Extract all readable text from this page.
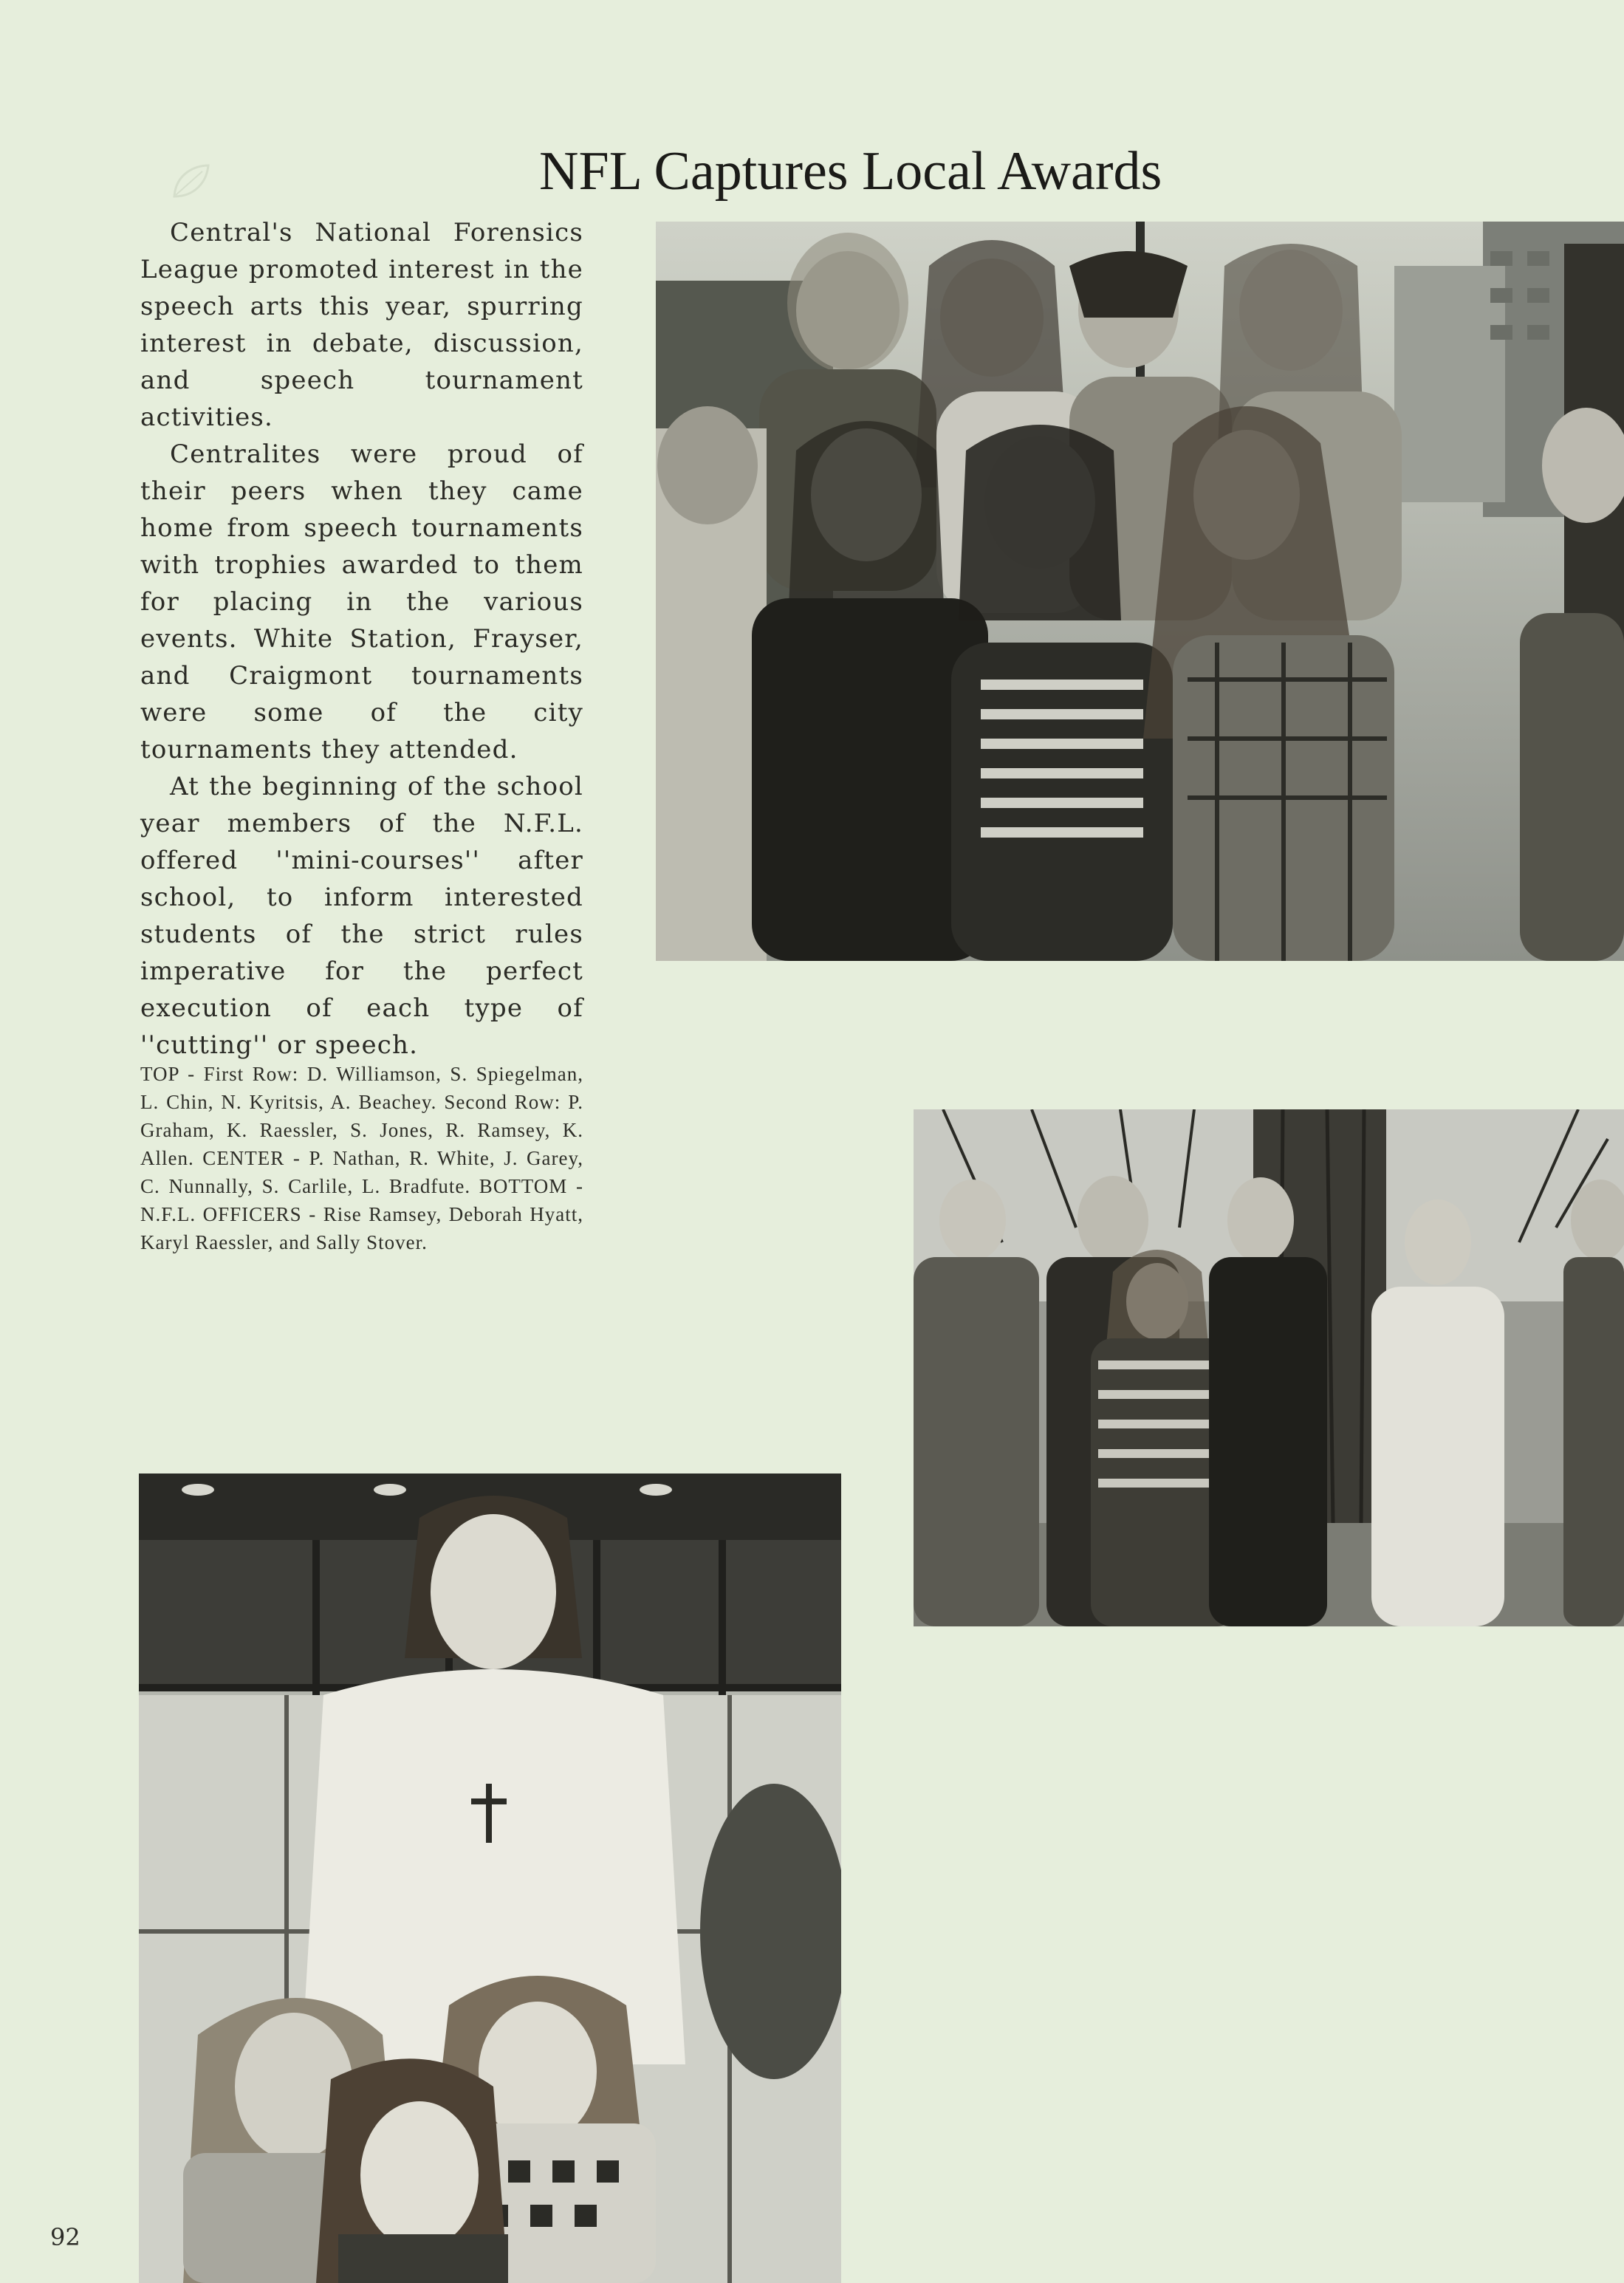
NFL Captures Local Awards

Central's National Forensics League promoted interest in the speech arts this year, spurring interest in debate, discussion, and speech tournament activities.

Centralites were proud of their peers when they came home from speech tournaments with trophies awarded to them for placing in the various events. White Station, Frayser, and Craigmont tournaments were some of the city tournaments they attended.

At the beginning of the school year members of the N.F.L. offered ''mini-courses'' after school, to inform interested students of the strict rules imperative for the perfect execution of each type of ''cutting'' or speech.

TOP - First Row: D. Williamson, S. Spiegelman, L. Chin, N. Kyritsis, A. Beachey. Second Row: P. Graham, K. Raessler, S. Jones, R. Ramsey, K. Allen. CENTER - P. Nathan, R. White, J. Garey, C. Nunnally, S. Carlile, L. Bradfute. BOTTOM - N.F.L. OFFICERS - Rise Ramsey, Deborah Hyatt, Karyl Raessler, and Sally Stover.
92
